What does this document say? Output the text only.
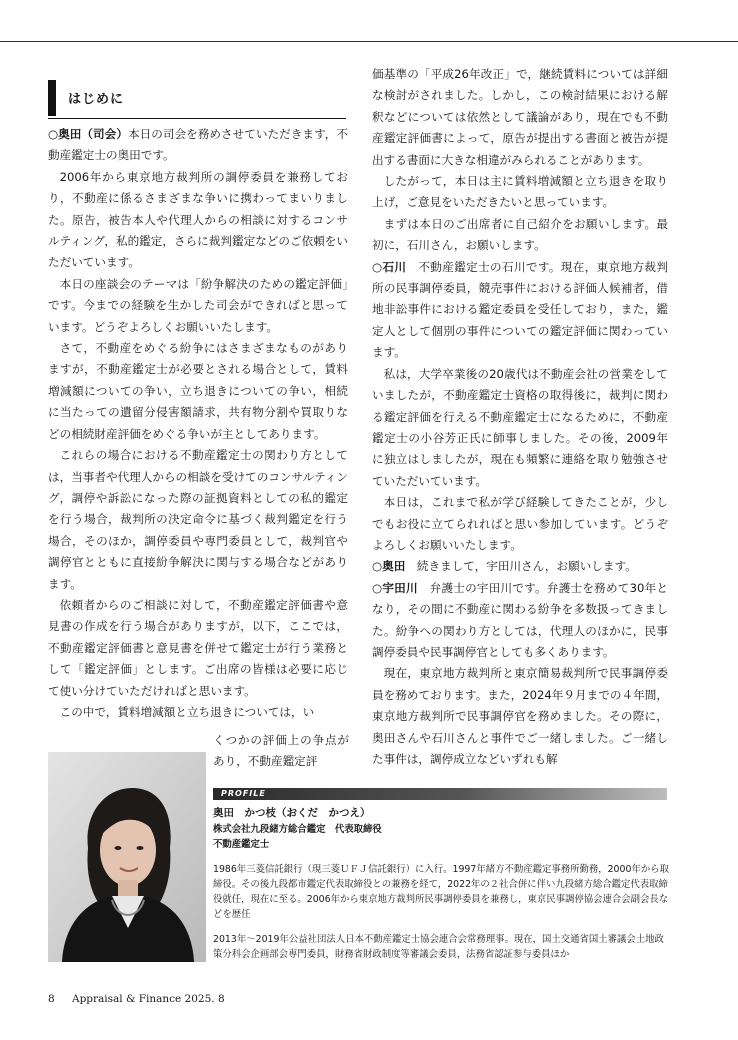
はじめに

○奥田（司会）本日の司会を務めさせていただきます，不動産鑑定士の奥田です。

2006年から東京地方裁判所の調停委員を兼務しており，不動産に係るさまざまな争いに携わってまいりました。原告，被告本人や代理人からの相談に対するコンサルティング，私的鑑定，さらに裁判鑑定などのご依頼をいただいています。

本日の座談会のテーマは「紛争解決のための鑑定評価」です。今までの経験を生かした司会ができればと思っています。どうぞよろしくお願いいたします。

さて，不動産をめぐる紛争にはさまざまなものがありますが，不動産鑑定士が必要とされる場合として，賃料増減額についての争い，立ち退きについての争い，相続に当たっての遺留分侵害額請求，共有物分割や買取りなどの相続財産評価をめぐる争いが主としてあります。

これらの場合における不動産鑑定士の関わり方としては，当事者や代理人からの相談を受けてのコンサルティング，調停や訴訟になった際の証拠資料としての私的鑑定を行う場合，裁判所の決定命令に基づく裁判鑑定を行う場合，そのほか，調停委員や専門委員として，裁判官や調停官とともに直接紛争解決に関与する場合などがあります。

依頼者からのご相談に対して，不動産鑑定評価書や意見書の作成を行う場合がありますが，以下，ここでは，不動産鑑定評価書と意見書を併せて鑑定士が行う業務として「鑑定評価」とします。ご出席の皆様は必要に応じて使い分けていただければと思います。

この中で，賃料増減額と立ち退きについては，い

くつかの評価上の争点があり，不動産鑑定評

価基準の「平成26年改正」で，継続賃料については詳細な検討がされました。しかし，この検討結果における解釈などについては依然として議論があり，現在でも不動産鑑定評価書によって，原告が提出する書面と被告が提出する書面に大きな相違がみられることがあります。

したがって，本日は主に賃料増減額と立ち退きを取り上げ，ご意見をいただきたいと思っています。

まずは本日のご出席者に自己紹介をお願いします。最初に，石川さん，お願いします。

○石川　 不動産鑑定士の石川です。現在，東京地方裁判所の民事調停委員，競売事件における評価人候補者，借地非訟事件における鑑定委員を受任しており，また，鑑定人として個別の事件についての鑑定評価に関わっています。

私は，大学卒業後の20歳代は不動産会社の営業をしていましたが，不動産鑑定士資格の取得後に，裁判に関わる鑑定評価を行える不動産鑑定士になるために，不動産鑑定士の小谷芳正氏に師事しました。その後，2009年に独立はしましたが，現在も頻繁に連絡を取り勉強させていただいています。

本日は，これまで私が学び経験してきたことが，少しでもお役に立てられればと思い参加しています。どうぞよろしくお願いいたします。

○奥田　 続きまして，宇田川さん，お願いします。

○宇田川　 弁護士の宇田川です。弁護士を務めて30年となり，その間に不動産に関わる紛争を多数扱ってきました。紛争への関わり方としては，代理人のほかに，民事調停委員や民事調停官としても多くあります。

現在，東京地方裁判所と東京簡易裁判所で民事調停委員を務めております。また，2024年９月までの４年間，東京地方裁判所で民事調停官を務めました。その際に，奥田さんや石川さんと事件でご一緒しました。ご一緒した事件は，調停成立などいずれも解

PROFILE
奥田　かつ枝（おくだ　かつえ）
株式会社九段緒方総合鑑定　代表取締役
不動産鑑定士
1986年三菱信託銀行（現三菱ＵＦＪ信託銀行）に入行。1997年緒方不動産鑑定事務所勤務，2000年から取締役。その後九段都市鑑定代表取締役との兼務を経て，2022年の２社合併に伴い九段緒方総合鑑定代表取締役就任，現在に至る。2006年から東京地方裁判所民事調停委員を兼務し，東京民事調停協会連合会副会長などを歴任
2013年～2019年公益社団法人日本不動産鑑定士協会連合会常務理事。現在，国土交通省国土審議会土地政策分科会企画部会専門委員，財務省財政制度等審議会委員，法務省認証参与委員ほか
8 Appraisal & Finance 2025. 8
